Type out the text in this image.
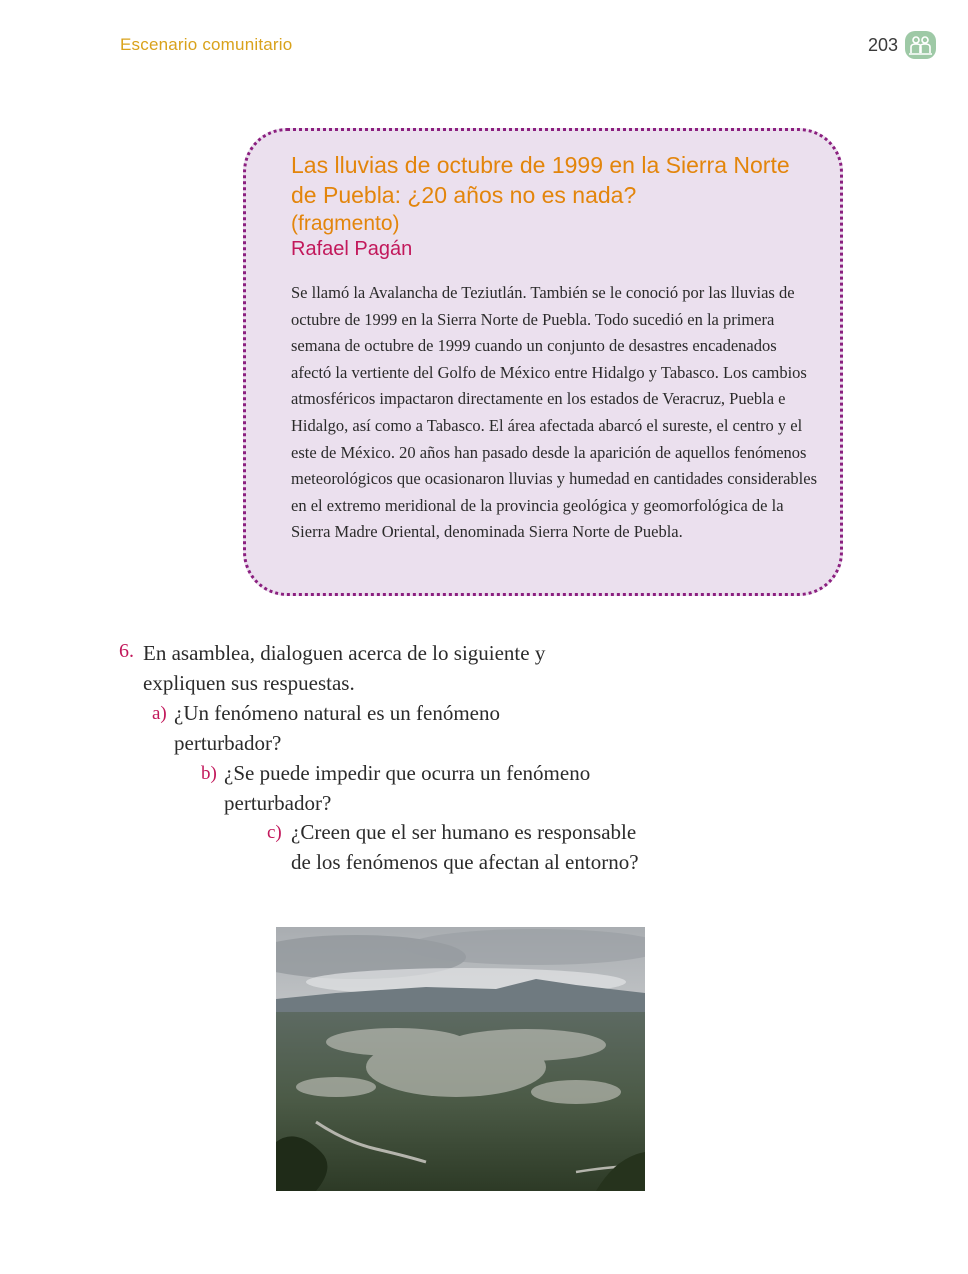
Escenario comunitario	203
Las lluvias de octubre de 1999 en la Sierra Norte de Puebla: ¿20 años no es nada?
(fragmento)
Rafael Pagán
Se llamó la Avalancha de Teziutlán. También se le conoció por las lluvias de octubre de 1999 en la Sierra Norte de Puebla. Todo sucedió en la primera semana de octubre de 1999 cuando un conjunto de desastres encadenados afectó la vertiente del Golfo de México entre Hidalgo y Tabasco. Los cambios atmosféricos impactaron directamente en los estados de Veracruz, Puebla e Hidalgo, así como a Tabasco. El área afectada abarcó el sureste, el centro y el este de México. 20 años han pasado desde la aparición de aquellos fenómenos meteorológicos que ocasionaron lluvias y humedad en cantidades considerables en el extremo meridional de la provincia geológica y geomorfológica de la Sierra Madre Oriental, denominada Sierra Norte de Puebla.
6. En asamblea, dialoguen acerca de lo siguiente y expliquen sus respuestas.
a) ¿Un fenómeno natural es un fenómeno perturbador?
b) ¿Se puede impedir que ocurra un fenómeno perturbador?
c) ¿Creen que el ser humano es responsable de los fenómenos que afectan al entorno?
